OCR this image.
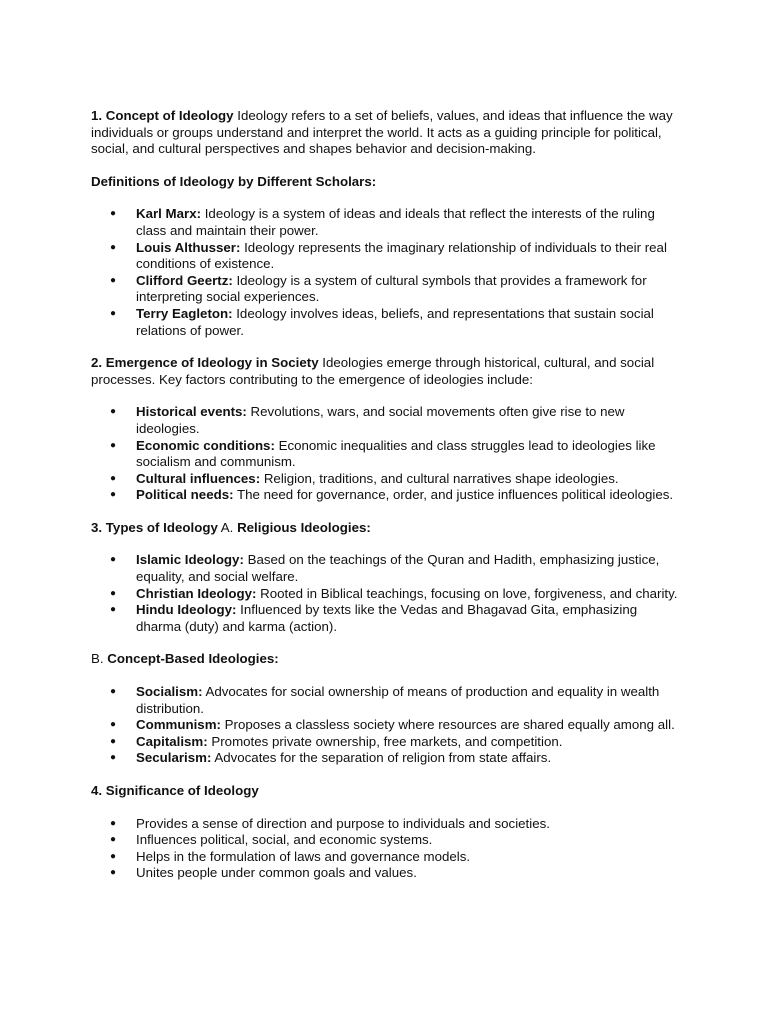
1. Concept of Ideology Ideology refers to a set of beliefs, values, and ideas that influence the way individuals or groups understand and interpret the world. It acts as a guiding principle for political, social, and cultural perspectives and shapes behavior and decision-making.

Definitions of Ideology by Different Scholars:

● Karl Marx: Ideology is a system of ideas and ideals that reflect the interests of the ruling class and maintain their power.
● Louis Althusser: Ideology represents the imaginary relationship of individuals to their real conditions of existence.
● Clifford Geertz: Ideology is a system of cultural symbols that provides a framework for interpreting social experiences.
● Terry Eagleton: Ideology involves ideas, beliefs, and representations that sustain social relations of power.

2. Emergence of Ideology in Society Ideologies emerge through historical, cultural, and social processes. Key factors contributing to the emergence of ideologies include:

● Historical events: Revolutions, wars, and social movements often give rise to new ideologies.
● Economic conditions: Economic inequalities and class struggles lead to ideologies like socialism and communism.
● Cultural influences: Religion, traditions, and cultural narratives shape ideologies.
● Political needs: The need for governance, order, and justice influences political ideologies.

3. Types of Ideology A. Religious Ideologies:

● Islamic Ideology: Based on the teachings of the Quran and Hadith, emphasizing justice, equality, and social welfare.
● Christian Ideology: Rooted in Biblical teachings, focusing on love, forgiveness, and charity.
● Hindu Ideology: Influenced by texts like the Vedas and Bhagavad Gita, emphasizing dharma (duty) and karma (action).

B. Concept-Based Ideologies:

● Socialism: Advocates for social ownership of means of production and equality in wealth distribution.
● Communism: Proposes a classless society where resources are shared equally among all.
● Capitalism: Promotes private ownership, free markets, and competition.
● Secularism: Advocates for the separation of religion from state affairs.

4. Significance of Ideology

● Provides a sense of direction and purpose to individuals and societies.
● Influences political, social, and economic systems.
● Helps in the formulation of laws and governance models.
● Unites people under common goals and values.
